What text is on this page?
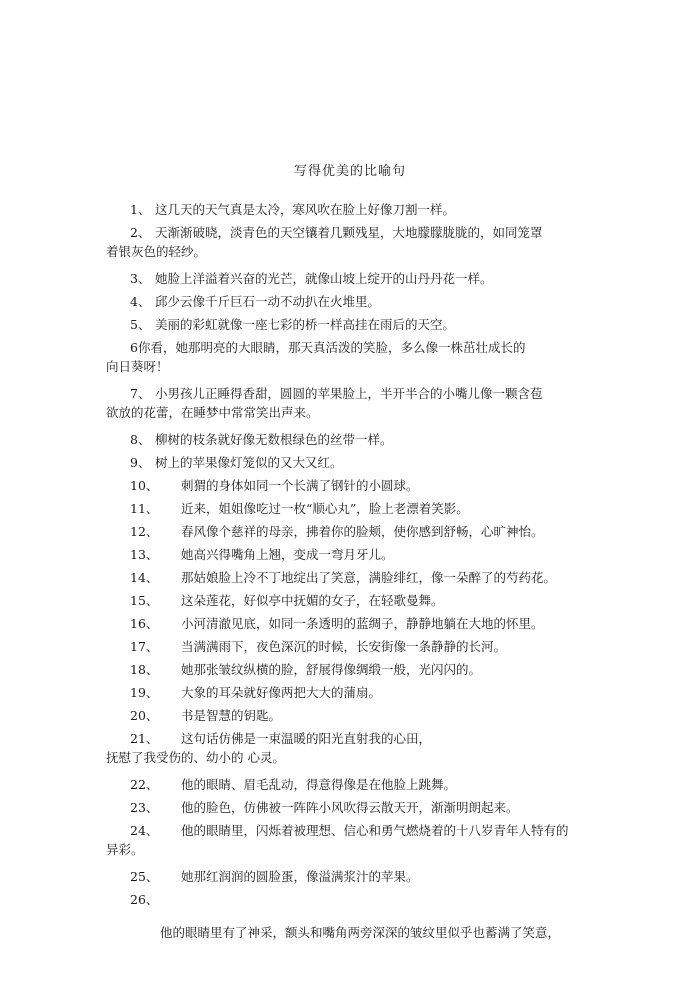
写得优美的比喻句
1、 这几天的天气真是太冷，寒风吹在脸上好像刀割一样。
2、 天渐渐破晓，淡青色的天空镶着几颗残星，大地朦朦胧胧的，如同笼罩
着银灰色的轻纱。
3、 她脸上洋溢着兴奋的光芒，就像山坡上绽开的山丹丹花一样。
4、 邱少云像千斤巨石一动不动扒在火堆里。
5、 美丽的彩虹就像一座七彩的桥一样高挂在雨后的天空。
6 你看，她那明亮的大眼睛，那天真活泼的笑脸，多么像一株茁壮成长的
向日葵呀！
7、 小男孩儿正睡得香甜，圆圆的苹果脸上，半开半合的小嘴儿像一颗含苞
欲放的花蕾，在睡梦中常常笑出声来。
8、 柳树的枝条就好像无数根绿色的丝带一样。
9、 树上的苹果像灯笼似的又大又红。
10、 刺猬的身体如同一个长满了钢针的小圆球。
11、 近来，姐姐像吃过一枚“顺心丸”，脸上老漂着笑影。
12、 春风像个慈祥的母亲，拂着你的脸颊，使你感到舒畅，心旷神怡。
13、 她高兴得嘴角上翘，变成一弯月牙儿。
14、 那姑娘脸上冷不丁地绽出了笑意，满脸绯红，像一朵醉了的芍药花。
15、 这朵莲花，好似亭中抚媚的女子，在轻歌曼舞。
16、 小河清澈见底，如同一条透明的蓝绸子，静静地躺在大地的怀里。
17、 当满满雨下，夜色深沉的时候，长安街像一条静静的长河。
18、 她那张皱纹纵横的脸，舒展得像绸缎一般，光闪闪的。
19、 大象的耳朵就好像两把大大的蒲扇。
20、 书是智慧的钥匙。
21、 这句话仿佛是一束温暖的阳光直射我的心田，
抚慰了我受伤的、幼小的 心灵。
22、 他的眼睛、眉毛乱动，得意得像是在他脸上跳舞。
23、 他的脸色，仿佛被一阵阵小风吹得云散天开，渐渐明朗起来。
24、 他的眼睛里，闪烁着被理想、信心和勇气燃烧着的十八岁青年人特有的
异彩。
25、 她那红润润的圆脸蛋，像溢满浆汁的苹果。
26、
他的眼睛里有了神采，额头和嘴角两旁深深的皱纹里似乎也蓄满了笑意，
